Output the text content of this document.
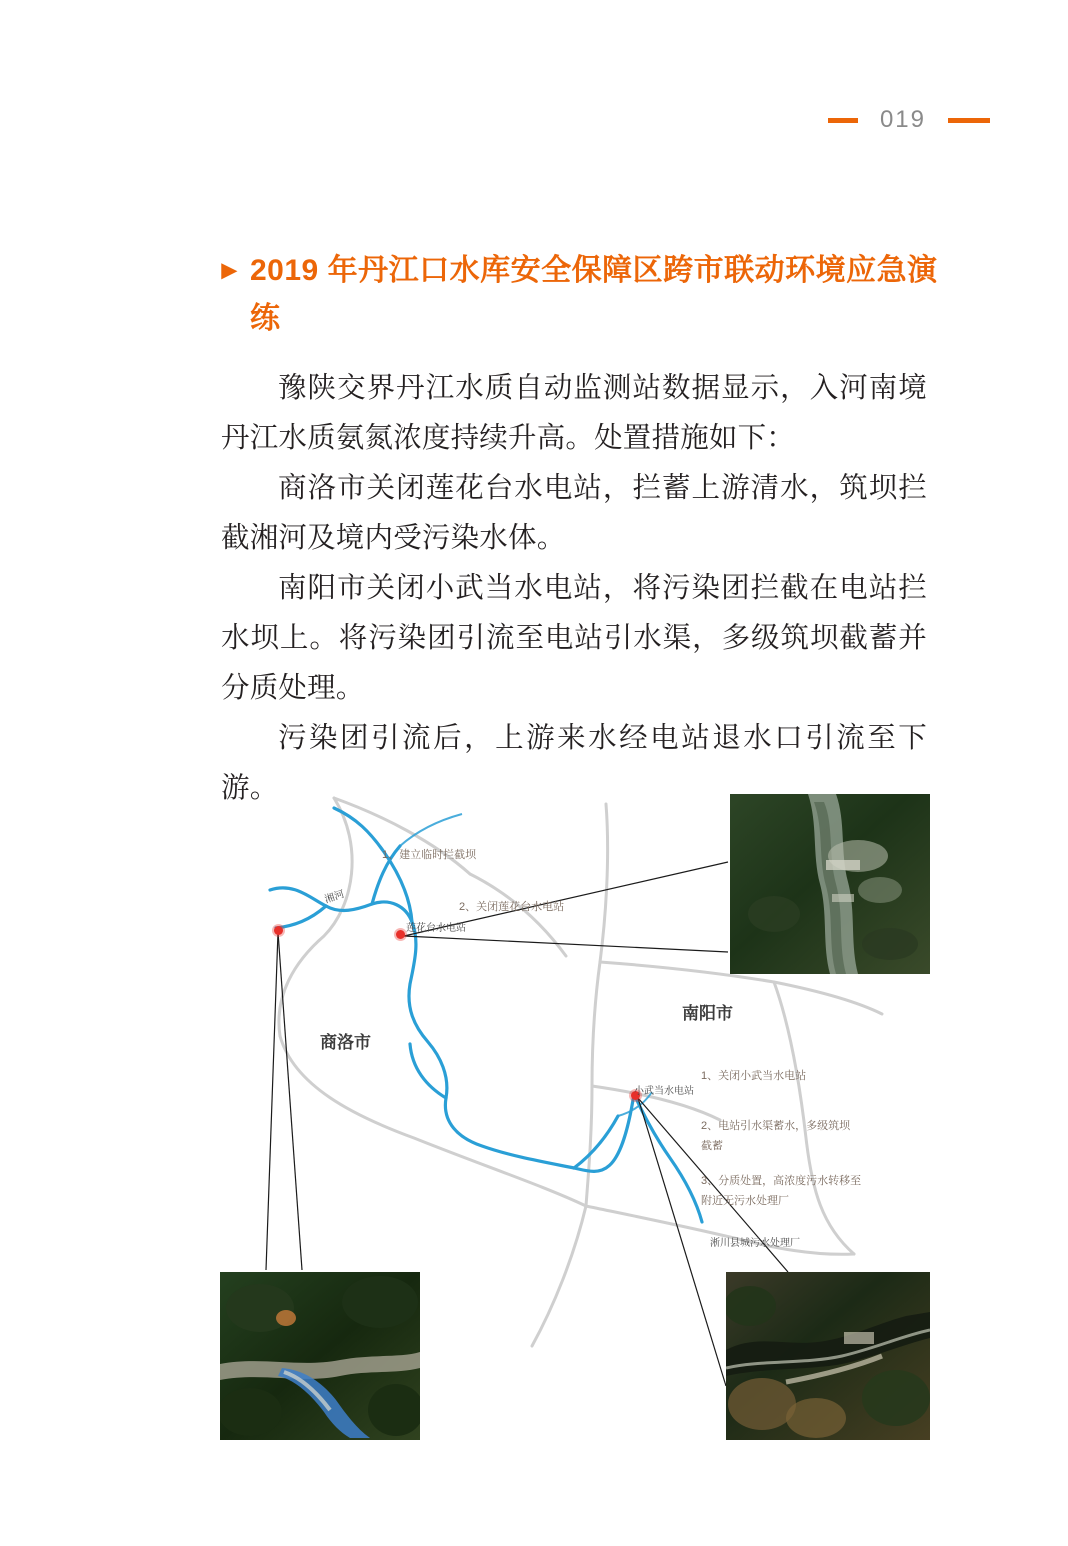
019
► 2019 年丹江口水库安全保障区跨市联动环境应急演练

豫陕交界丹江水质自动监测站数据显示，入河南境丹江水质氨氮浓度持续升高。处置措施如下：

商洛市关闭莲花台水电站，拦蓄上游清水，筑坝拦截湘河及境内受污染水体。

南阳市关闭小武当水电站，将污染团拦截在电站拦水坝上。将污染团引流至电站引水渠，多级筑坝截蓄并分质处理。

污染团引流后，上游来水经电站退水口引流至下游。

商洛市
南阳市
1、建立临时拦截坝
2、关闭莲花台水电站
1、关闭小武当水电站
2、电站引水渠蓄水，多级筑坝截蓄
3、分质处置，高浓度污水转移至附近无污水处理厂
莲花台水电站
小武当水电站
淅川县城污水处理厂
湘河
